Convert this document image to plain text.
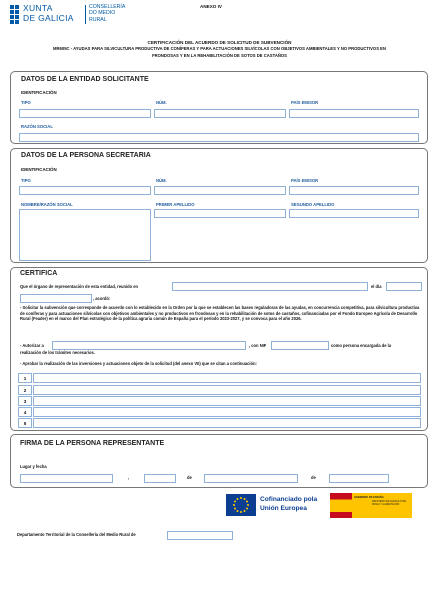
XUNTA
DE GALICIA
CONSELLERÍA
DO MEDIO
RURAL
ANEXO IV
CERTIFICACIÓN DEL ACUERDO DE SOLICITUD DE SUBVENCIÓN
MR605C - AYUDAS PARA SILVICULTURA PRODUCTIVA DE CONÍFERAS Y PARA ACTUACIONES SILVÍCOLAS CON OBJETIVOS AMBIENTALES Y NO PRODUCTIVOS EN
FRONDOSAS Y EN LA REHABILITACIÓN DE SOTOS DE CASTAÑOS
DATOS DE LA ENTIDAD SOLICITANTE
IDENTIFICACIÓN
TIPO	NÚM.	PAÍS EMISOR
RAZÓN SOCIAL
DATOS DE LA PERSONA SECRETARIA
IDENTIFICACIÓN
TIPO	NÚM.	PAÍS EMISOR
NOMBRE/RAZÓN SOCIAL	PRIMER APELLIDO	SEGUNDO APELLIDO
CERTIFICA
Que el órgano de representación de esta entidad, reunido en	el día
, acordó:
- Solicitar la subvención que corresponde de acuerdo con lo establecido en la Orden por la que se establecen las bases reguladoras de las ayudas, en concurrencia competitiva, para silvicultura productiva de coníferas y para actuaciones silvícolas con objetivos ambientales y no productivos en frondosas y en la rehabilitación de sotos de castaños, cofinanciadas por el Fondo Europeo Agrícola de Desarrollo Rural (Feader) en el marco del Plan estratégico de la política agraria común de España para el período 2023-2027, y se convoca para el año 2026.
- Autorizar a	, con NIF	como persona encargada de la
realización de los trámites necesarios.
- Aprobar la realización de las inversiones y actuaciones objeto de la solicitud (del anexo VII) que se citan a continuación:
1
2
3
4
5
FIRMA DE LA PERSONA REPRESENTANTE
Lugar y fecha
,	de	de
Cofinanciado pola
Unión Europea
GOBIERNO DE ESPAÑA
MINISTERIO DE AGRICULTURA, PESCA Y ALIMENTACIÓN
Departamento Territorial de la Consellería del Medio Rural de
